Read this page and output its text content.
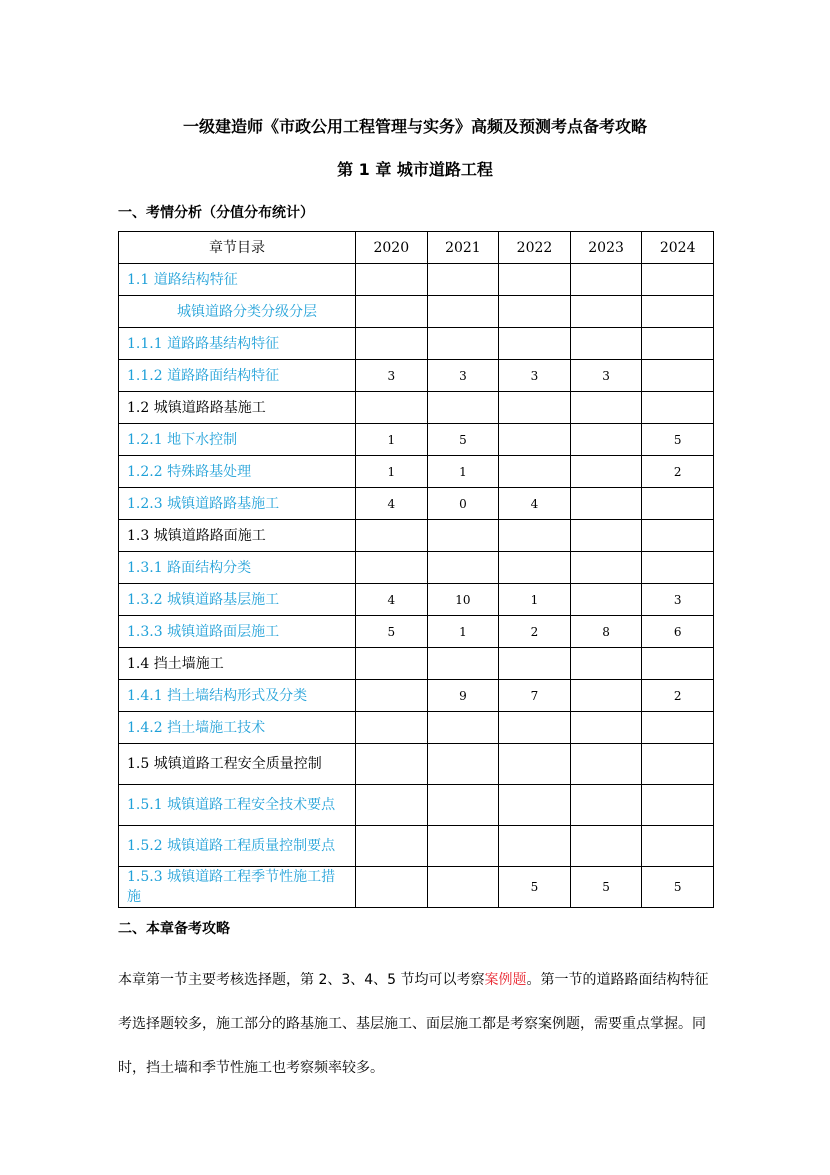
一级建造师《市政公用工程管理与实务》高频及预测考点备考攻略
第 1 章 城市道路工程
一、考情分析（分值分布统计）
章节目录	2020	2021	2022	2023	2024
1.1 道路结构特征					
城镇道路分类分级分层					
1.1.1 道路路基结构特征					
1.1.2 道路路面结构特征	3	3	3	3	
1.2 城镇道路路基施工					
1.2.1 地下水控制	1	5			5
1.2.2 特殊路基处理	1	1			2
1.2.3 城镇道路路基施工	4	0	4		
1.3 城镇道路路面施工					
1.3.1 路面结构分类					
1.3.2 城镇道路基层施工	4	10	1		3
1.3.3 城镇道路面层施工	5	1	2	8	6
1.4 挡土墙施工					
1.4.1 挡土墙结构形式及分类		9	7		2
1.4.2 挡土墙施工技术					
1.5 城镇道路工程安全质量控制					
1.5.1 城镇道路工程安全技术要点					
1.5.2 城镇道路工程质量控制要点					
1.5.3 城镇道路工程季节性施工措施			5	5	5
二、本章备考攻略
本章第一节主要考核选择题，第 2、3、4、5 节均可以考察案例题。第一节的道路路面结构特征考选择题较多，施工部分的路基施工、基层施工、面层施工都是考察案例题，需要重点掌握。同时，挡土墙和季节性施工也考察频率较多。
